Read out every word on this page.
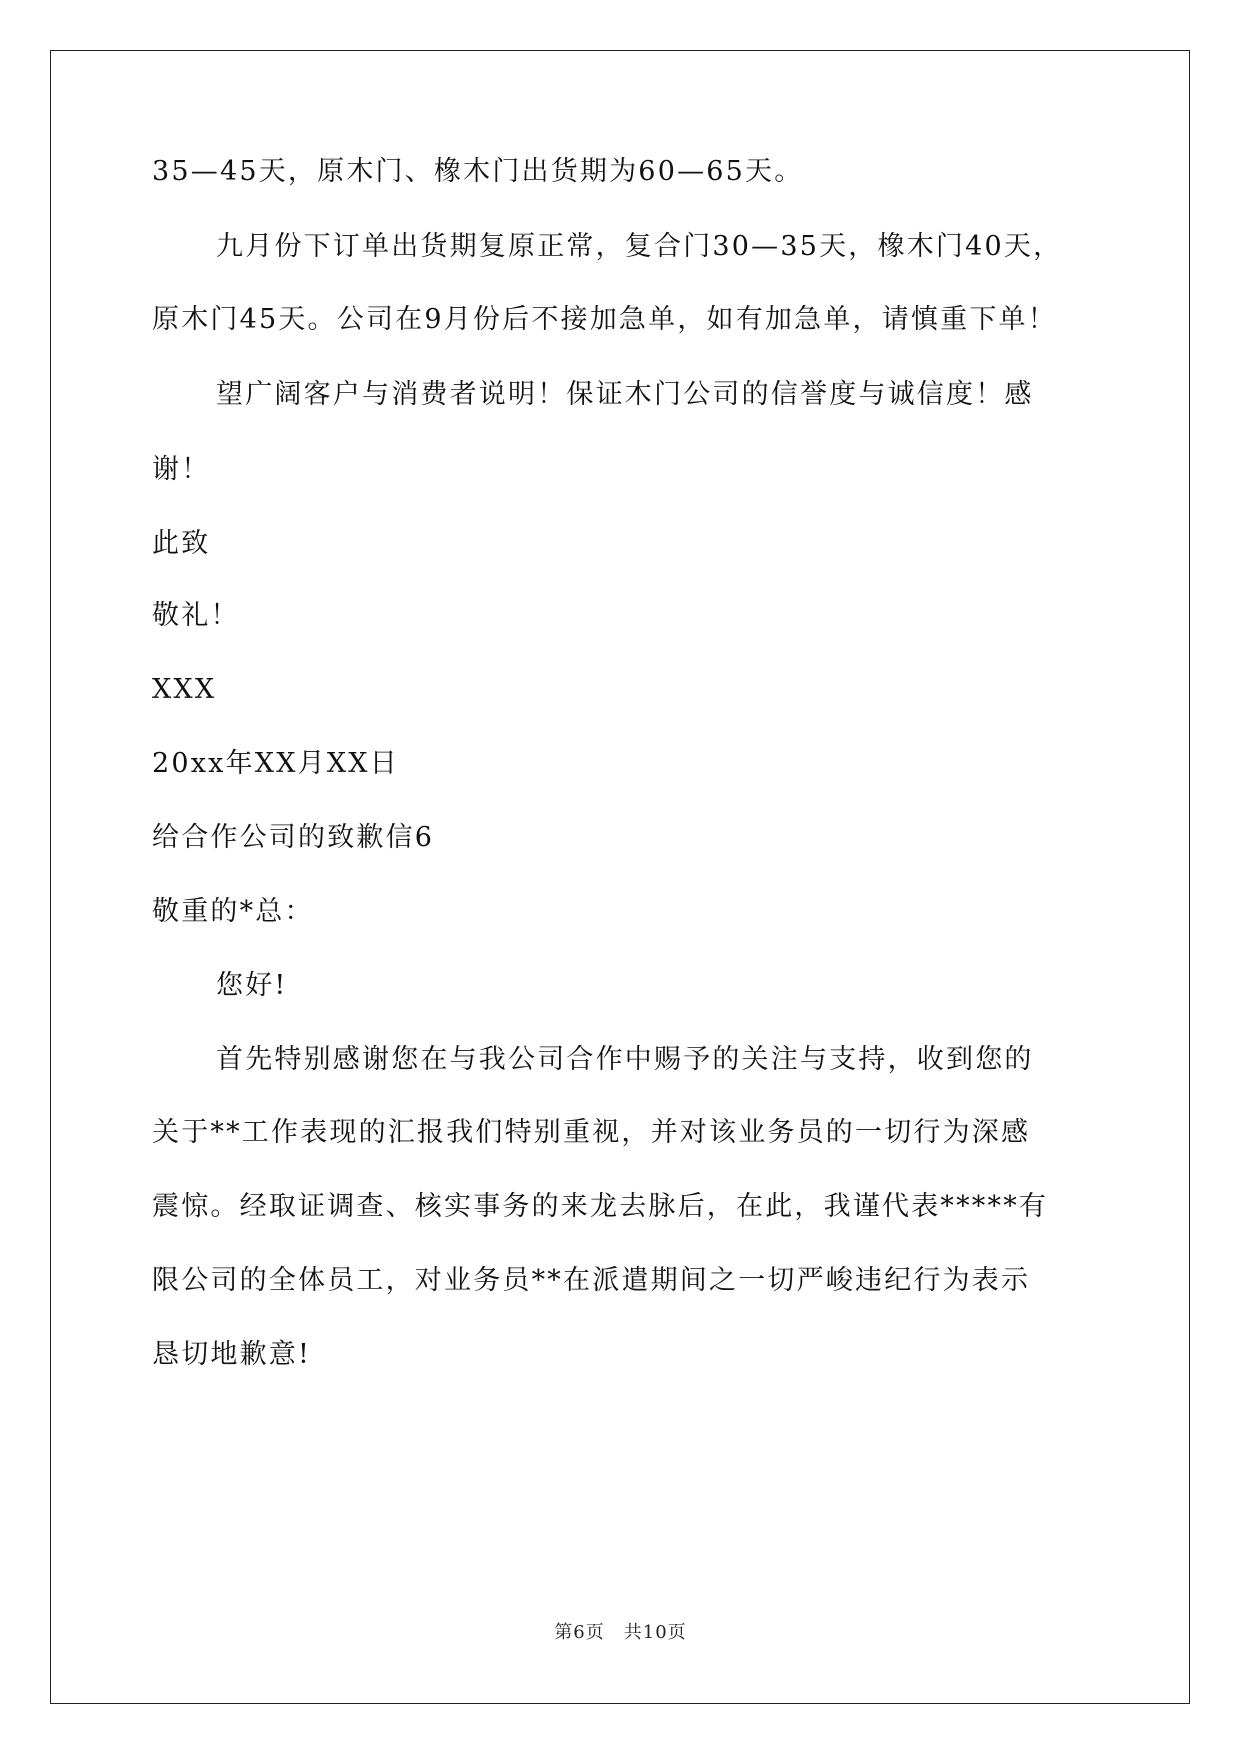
35—45天，原木门、橡木门出货期为60—65天。
九月份下订单出货期复原正常，复合门30—35天，橡木门40天，
原木门45天。公司在9月份后不接加急单，如有加急单，请慎重下单！
望广阔客户与消费者说明！保证木门公司的信誉度与诚信度！感
谢！
此致
敬礼！
XXX
20xx年XX月XX日
给合作公司的致歉信6
敬重的*总：
您好!
首先特别感谢您在与我公司合作中赐予的关注与支持，收到您的
关于**工作表现的汇报我们特别重视，并对该业务员的一切行为深感
震惊。经取证调查、核实事务的来龙去脉后，在此，我谨代表*****有
限公司的全体员工，对业务员**在派遣期间之一切严峻违纪行为表示
恳切地歉意!
第6页　共10页
